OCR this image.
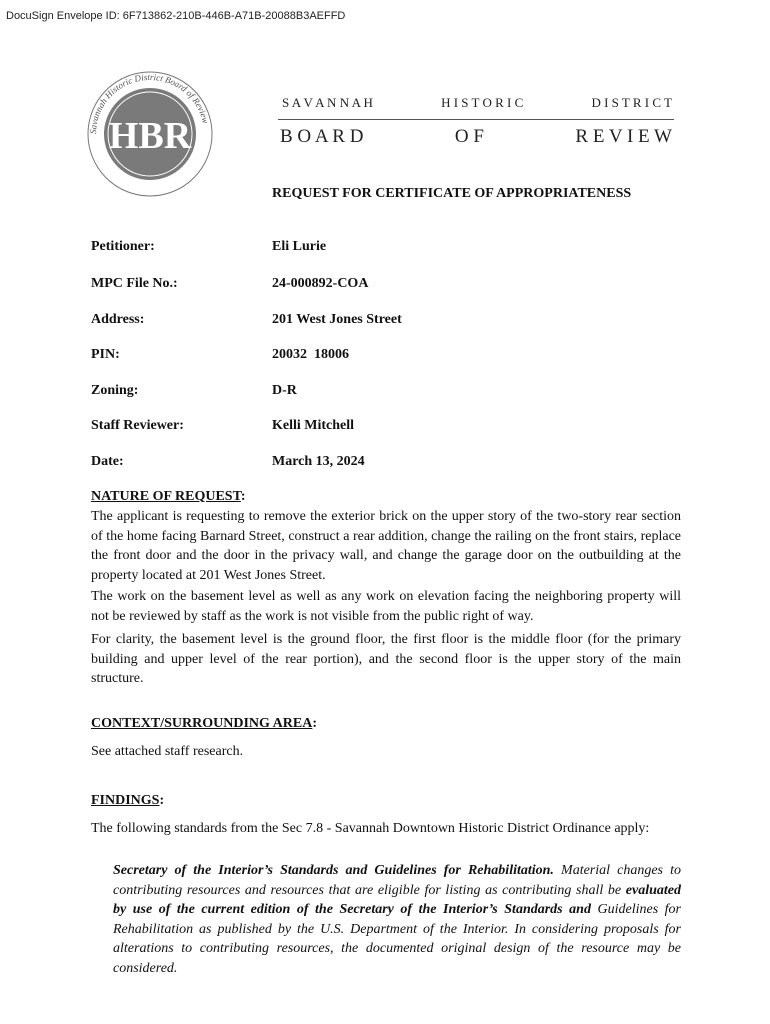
DocuSign Envelope ID: 6F713862-210B-446B-A71B-20088B3AEFFD
Savannah Historic District Board of Review
HBR
S A V A N N A H	H I S T O R I C	D I S T R I C T
B O A R D	O F	R E V I E W
REQUEST FOR CERTIFICATE OF APPROPRIATENESS
Petitioner:	Eli Lurie
MPC File No.:	24-000892-COA
Address:	201 West Jones Street
PIN:	20032  18006
Zoning:	D-R
Staff Reviewer:	Kelli Mitchell
Date:	March 13, 2024
NATURE OF REQUEST:
The applicant is requesting to remove the exterior brick on the upper story of the two-story rear section of the home facing Barnard Street, construct a rear addition, change the railing on the front stairs, replace the front door and the door in the privacy wall, and change the garage door on the outbuilding at the property located at 201 West Jones Street.
The work on the basement level as well as any work on elevation facing the neighboring property will not be reviewed by staff as the work is not visible from the public right of way.
For clarity, the basement level is the ground floor, the first floor is the middle floor (for the primary building and upper level of the rear portion), and the second floor is the upper story of the main structure.
CONTEXT/SURROUNDING AREA:
See attached staff research.
FINDINGS:
The following standards from the Sec 7.8 - Savannah Downtown Historic District Ordinance apply:
Secretary of the Interior’s Standards and Guidelines for Rehabilitation. Material changes to contributing resources and resources that are eligible for listing as contributing shall be evaluated by use of the current edition of the Secretary of the Interior’s Standards and Guidelines for Rehabilitation as published by the U.S. Department of the Interior. In considering proposals for alterations to contributing resources, the documented original design of the resource may be considered.
